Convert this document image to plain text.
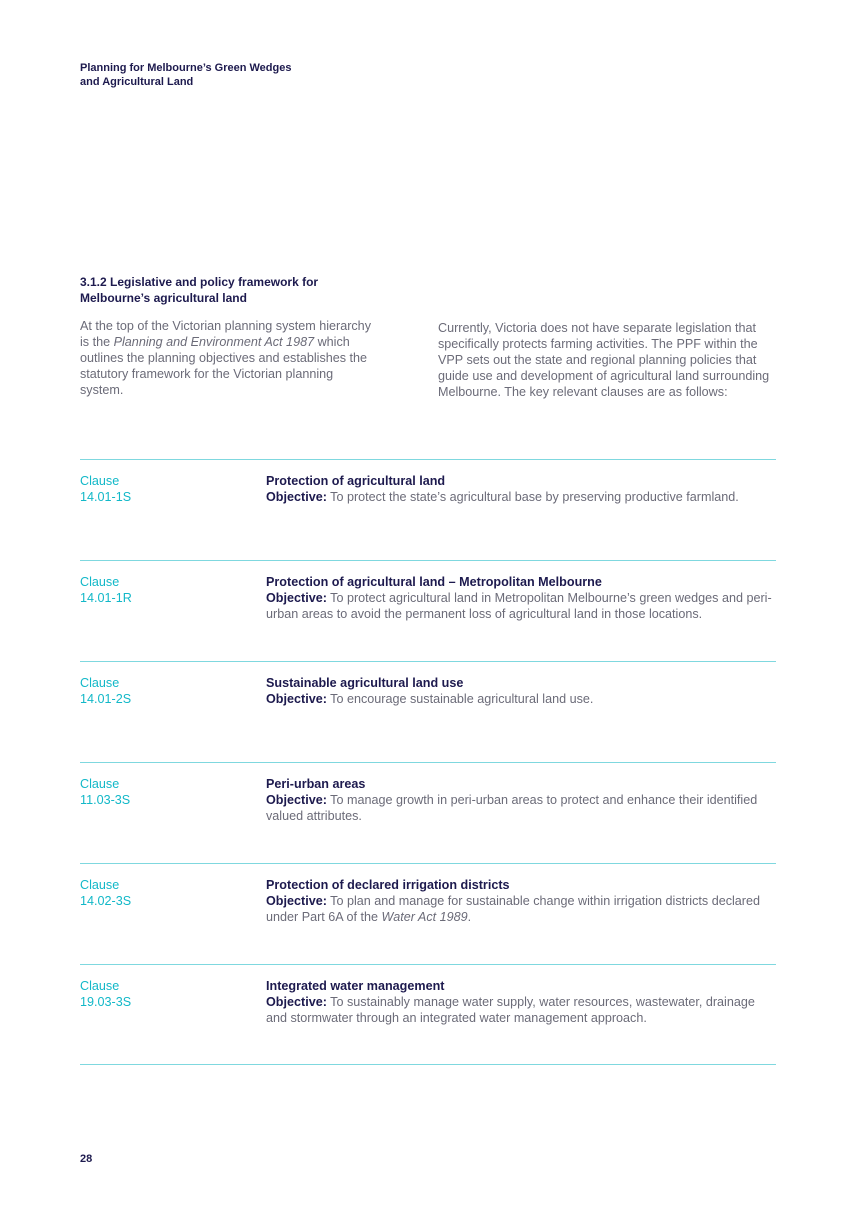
Planning for Melbourne’s Green Wedges and Agricultural Land
3.1.2 Legislative and policy framework for Melbourne’s agricultural land

At the top of the Victorian planning system hierarchy is the Planning and Environment Act 1987 which outlines the planning objectives and establishes the statutory framework for the Victorian planning system.

Currently, Victoria does not have separate legislation that specifically protects farming activities. The PPF within the VPP sets out the state and regional planning policies that guide use and development of agricultural land surrounding Melbourne. The key relevant clauses are as follows:

Clause
14.01-1S
Protection of agricultural land

Objective: To protect the state’s agricultural base by preserving productive farmland.

Clause
14.01-1R
Protection of agricultural land – Metropolitan Melbourne

Objective: To protect agricultural land in Metropolitan Melbourne’s green wedges and peri-urban areas to avoid the permanent loss of agricultural land in those locations.

Clause
14.01-2S
Sustainable agricultural land use

Objective: To encourage sustainable agricultural land use.

Clause
11.03-3S
Peri-urban areas

Objective: To manage growth in peri-urban areas to protect and enhance their identified valued attributes.

Clause
14.02-3S
Protection of declared irrigation districts

Objective: To plan and manage for sustainable change within irrigation districts declared under Part 6A of the Water Act 1989.

Clause
19.03-3S
Integrated water management

Objective: To sustainably manage water supply, water resources, wastewater, drainage and stormwater through an integrated water management approach.

28
